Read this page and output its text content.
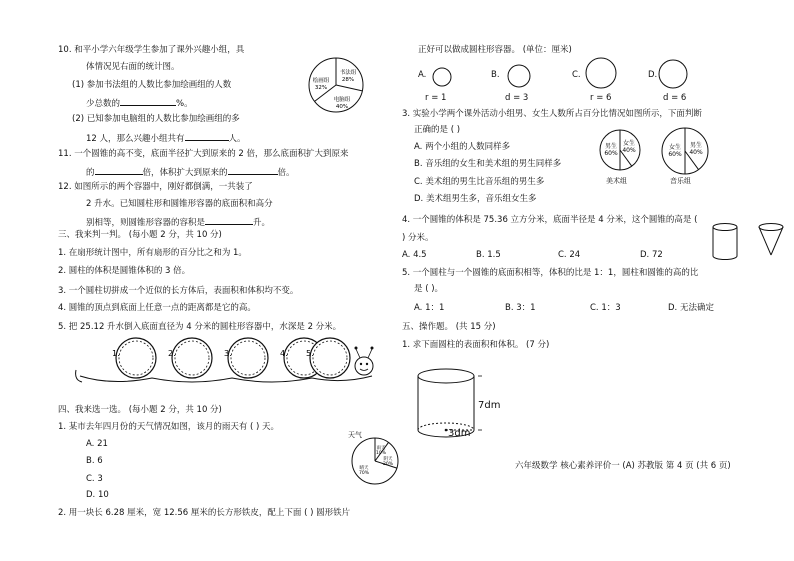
10. 和平小学六年级学生参加了课外兴趣小组，具
体情况见右面的统计图。
(1) 参加书法组的人数比参加绘画组的人数
少总数的	%。
(2) 已知参加电脑组的人数比参加绘画组的多
12 人，那么兴趣小组共有	人。
书法组
28%
电脑组
40%
绘画组
32%
11. 一个圆锥的高不变，底面半径扩大到原来的 2 倍，那么底面积扩大到原来
的	倍，体积扩大到原来的	倍。
12. 如图所示的两个容器中，刚好都倒满，一共装了
2 升水。已知圆柱形和圆锥形容器的底面积和高分
别相等，则圆锥形容器的容积是	升。
三、我来判一判。 (每小题 2 分，共 10 分)
1. 在扇形统计图中，所有扇形的百分比之和为 1。
2. 圆柱的体积是圆锥体积的 3 倍。
3. 一个圆柱切拼成一个近似的长方体后，表面积和体积均不变。
4. 圆锥的顶点到底面上任意一点的距离都是它的高。
5. 把 25.12 升水倒入底面直径为 4 分米的圆柱形容器中，水深是 2 分米。
1.	2.	3.	4. 5.
四、我来选一选。 (每小题 2 分，共 10 分)
1. 某市去年四月份的天气情况如图，该月的雨天有 ( ) 天。
A. 21
B. 6
C. 3
D. 10
天气
雨天
10%
阴天
20%
晴天
70%
2. 用一块长 6.28 厘米，宽 12.56 厘米的长方形铁皮，配上下面 ( ) 圆形铁片
正好可以做成圆柱形容器。 (单位：厘米)
A.
r = 1
B.
d = 3
C.
r = 6
D.
d = 6
3. 实验小学两个课外活动小组男、女生人数所占百分比情况如图所示，下面判断
正确的是 ( )
A. 两个小组的人数同样多
B. 音乐组的女生和美术组的男生同样多
C. 美术组的男生比音乐组的男生多
D. 美术组男生多，音乐组女生多
男生
60%
女生
40%
美术组
女生
60%
男生
40%
音乐组
4. 一个圆锥的体积是 75.36 立方分米，底面半径是 4 分米，这个圆锥的高是 (
) 分米。
A. 4.5	B. 1.5	C. 24	D. 72
5. 一个圆柱与一个圆锥的底面积相等，体积的比是 1：1，圆柱和圆锥的高的比
是 ( )。
A. 1：1	B. 3：1	C. 1：3	D. 无法确定
五、操作题。 (共 15 分)
1. 求下面圆柱的表面积和体积。 (7 分)
7dm
3dm
六年级数学 核心素养评价一 (A) 苏教版 第 4 页 (共 6 页)
